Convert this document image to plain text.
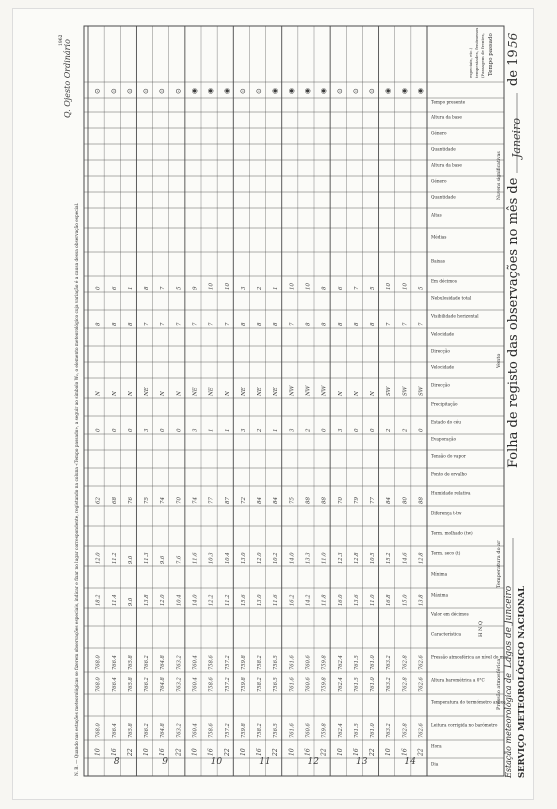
SERVIÇO METEOROLÓGICO NACIONAL
Estação meteorológica de
Lagos de Junceiro
Folha de registo das observações no mês de
Janeiro
de 19
56
Dia
Hora
Leitura corrigida no barómetro
Temperatura do termómetro anexo
Altura barométrica a 0°C
Pressão atmosférica ao nível do mar
Característica
Valor em décimos
Máxima
Mínima
Term. seco (t)
Term. molhado (tw)
Diferença t-tw
Humidade relativa
Ponto de orvalho
Tensão do vapor
Evaporação
Estado do céu
Precipitação
Direcção
Velocidade
Direcção
Velocidade
Visibilidade horizontal
Nebulosidade total
Em décimos
Baixas
Médias
Altas
Quantidade
Género
Altura da base
Quantidade
Género
Altura da base
Tempo presente
Pressão atmosférica
Temperatura do ar
Vento
Nuvens significativas
Tempo passado
(Passagem de frentes,
tempestades, fenómenos
especiais, etc.)
H N Q
8
10
768.0
768.0
768.0
18.2
12.0
62
0
N
8
0
⊙
16
766.4
766.4
766.4
11.4
11.2
68
0
N
8
6
⊙
22
765.8
765.8
765.8
9.0
9.0
76
0
N
8
1
⊙
9
10
766.2
766.2
766.2
13.8
11.3
75
3
NE
7
8
⊙
16
764.8
764.8
764.8
12.0
9.6
74
0
N
7
7
⊙
22
763.2
763.2
763.2
10.4
7.6
70
0
N
7
5
⊙
10
10
760.4
760.4
760.4
14.0
11.6
74
3
NE
7
9
◉
16
758.6
758.6
758.6
12.2
10.3
77
1
NE
7
10
◉
22
757.2
757.2
757.2
11.2
10.4
87
1
N
7
10
◉
11
10
759.8
759.8
759.8
15.6
13.0
72
3
NE
8
3
⊙
16
758.2
758.2
758.2
13.0
12.0
84
2
NE
8
2
⊙
22
756.5
756.5
756.5
11.6
10.2
84
1
NE
8
1
◉
12
10
761.6
761.6
761.6
16.2
14.0
75
3
NW
7
10
◉
16
760.6
760.6
760.6
14.2
13.3
88
2
NW
8
10
◉
22
759.8
759.8
759.8
11.8
11.0
88
0
NW
8
8
◉
13
10
762.4
762.4
762.4
16.0
12.3
70
3
N
8
6
⊙
16
761.5
761.5
761.5
13.6
12.8
79
0
N
8
7
⊙
22
761.0
761.0
761.0
11.0
10.5
77
0
N
8
5
⊙
14
10
763.2
763.2
763.2
16.8
15.2
84
2
SW
7
10
◉
16
762.8
762.8
762.8
15.0
14.6
80
2
SW
7
10
◉
22
762.6
762.6
762.6
13.8
12.8
88
0
SW
7
5
◉
N. B. — Quando nas estações meteorológicas se fizerem observações especiais, indicar e fixar no lugar correspondente, registando na coluna «Tempo passado», a seguir ao símbolo W₂, o elemento meteorológico cuja variação é a causa dessa observação especial.
Q. Ojesto Ordinário
1962
